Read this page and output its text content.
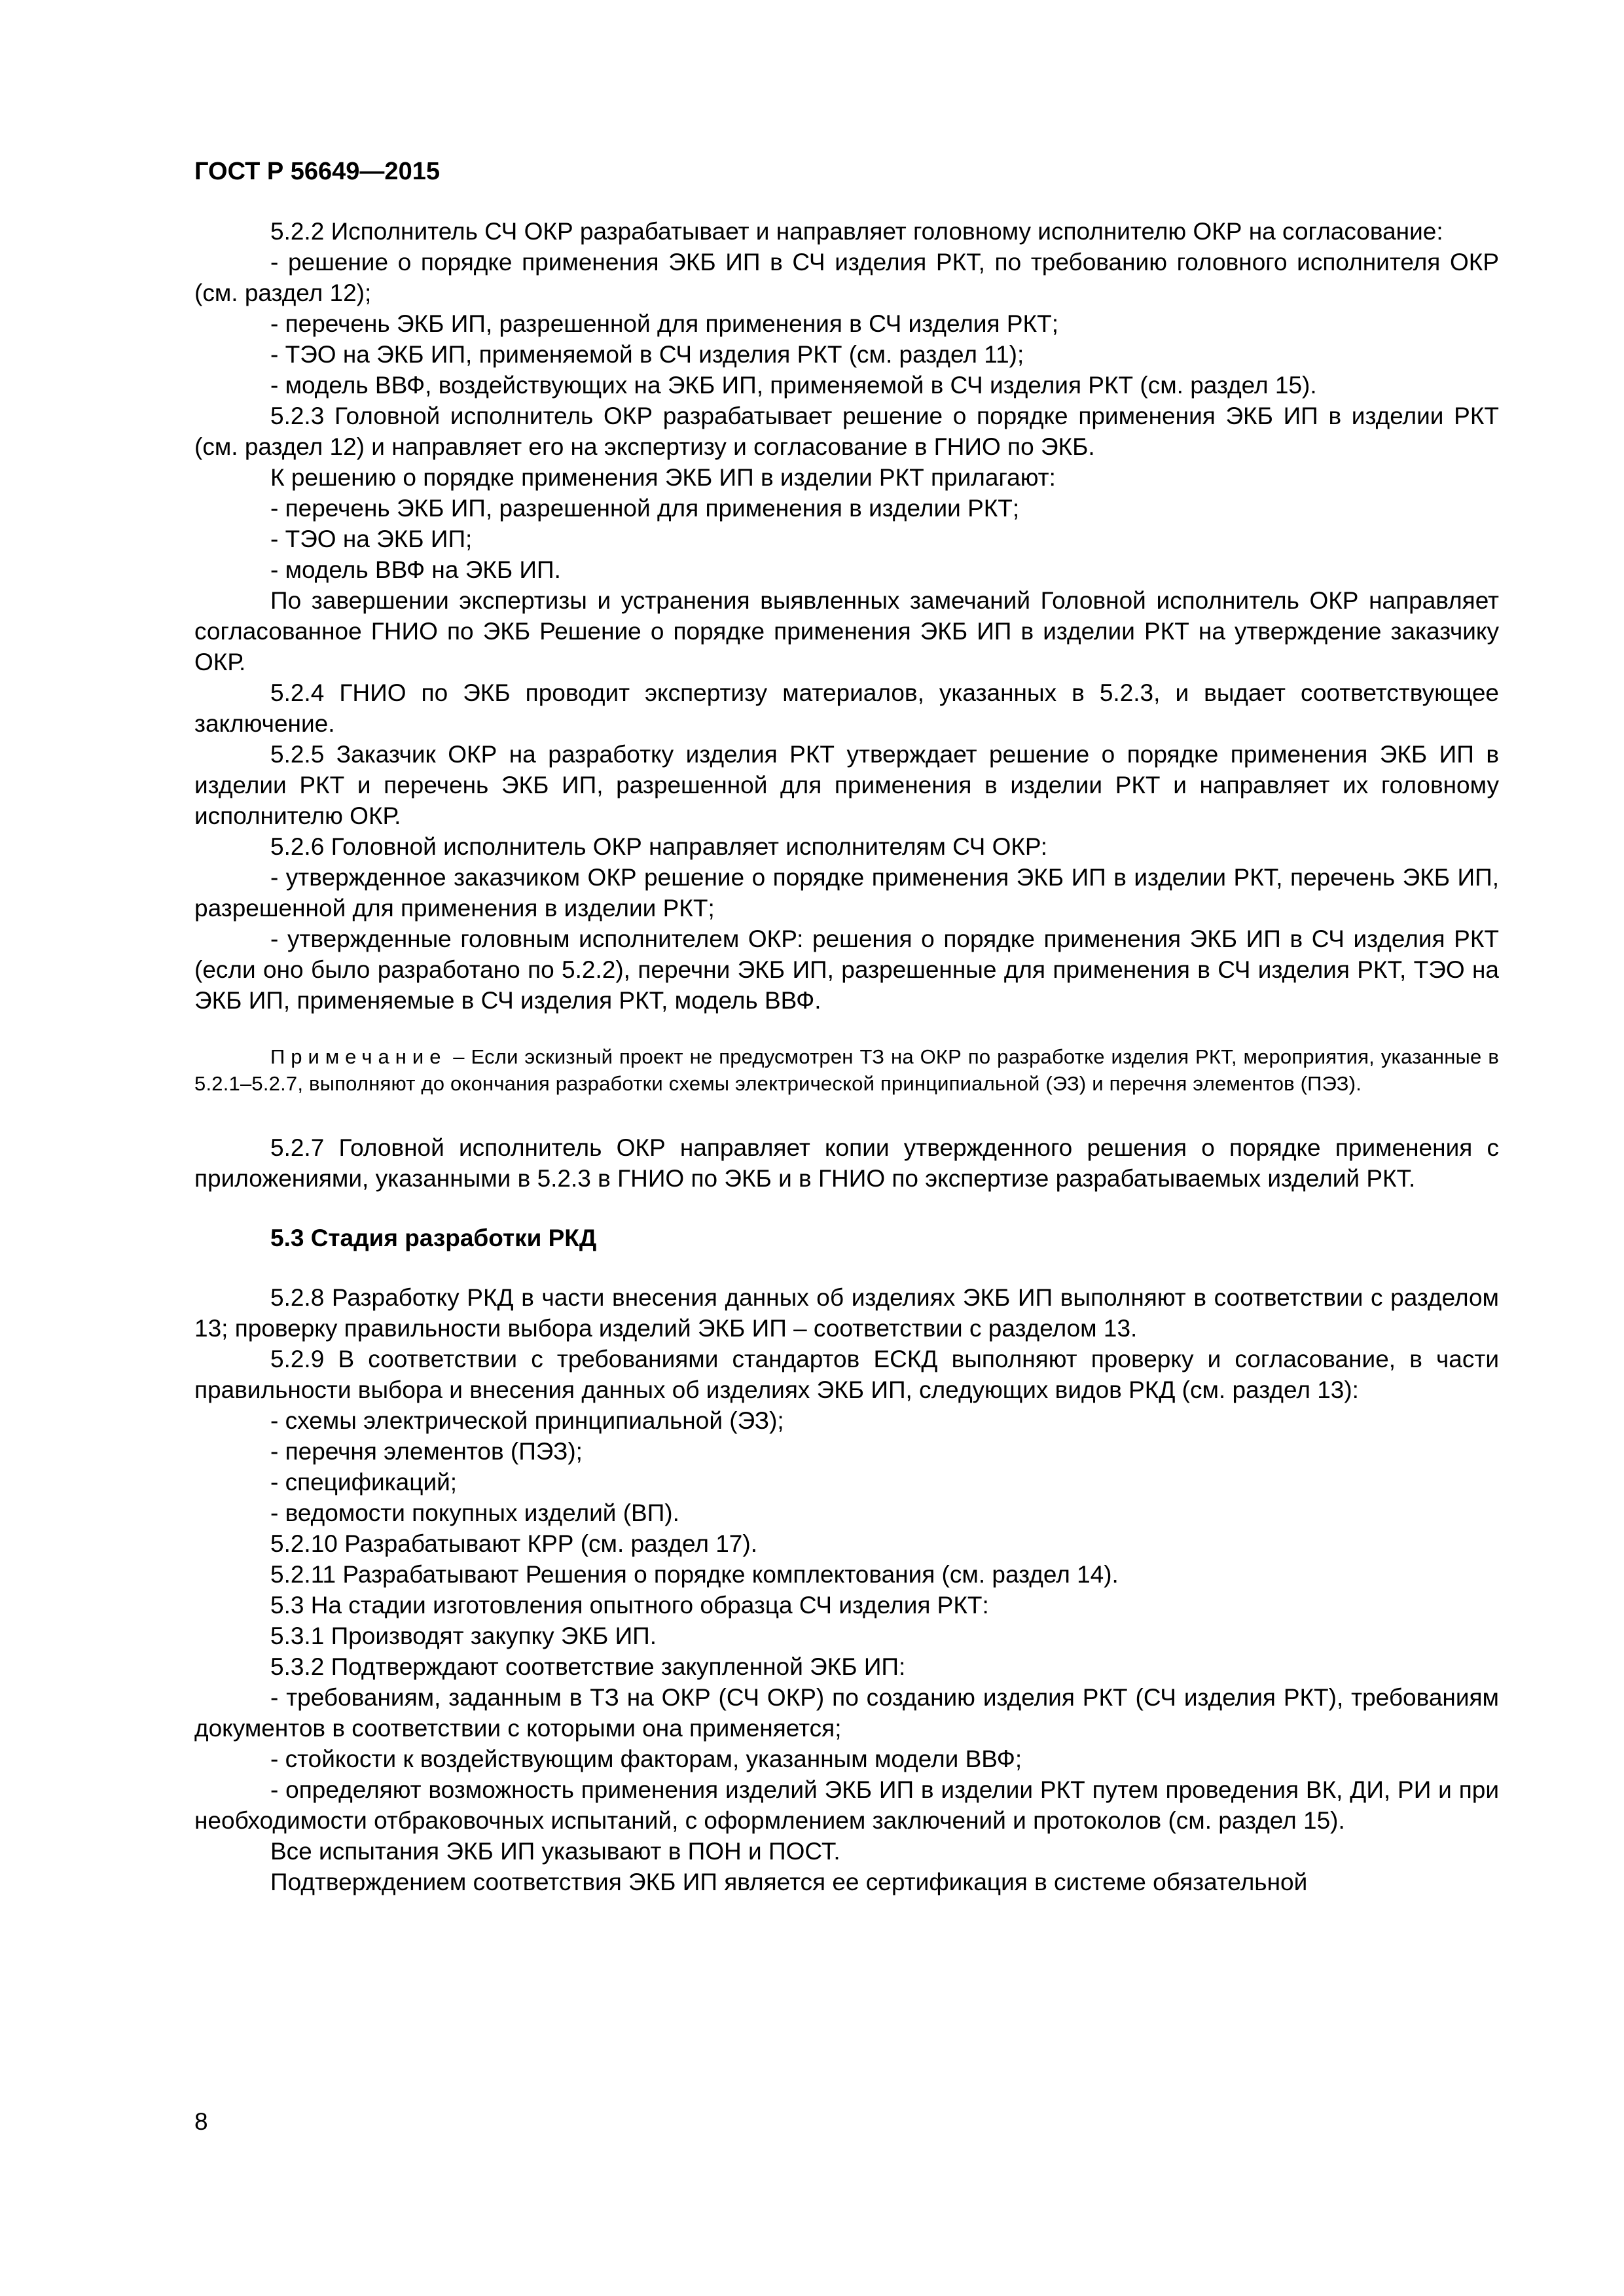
ГОСТ Р 56649—2015

5.2.2 Исполнитель СЧ ОКР разрабатывает и направляет головному исполнителю ОКР на согласование:

- решение о порядке применения ЭКБ ИП в СЧ изделия РКТ, по требованию головного исполнителя ОКР (см. раздел 12);

- перечень ЭКБ ИП, разрешенной для применения в СЧ изделия РКТ;

- ТЭО на ЭКБ ИП, применяемой в СЧ изделия РКТ (см. раздел 11);

- модель ВВФ, воздействующих на ЭКБ ИП, применяемой в СЧ изделия РКТ (см. раздел 15).

5.2.3 Головной исполнитель ОКР разрабатывает решение о порядке применения ЭКБ ИП в изделии РКТ (см. раздел 12) и направляет его на экспертизу и согласование в ГНИО по ЭКБ.

К решению о порядке применения ЭКБ ИП в изделии РКТ прилагают:

- перечень ЭКБ ИП, разрешенной для применения в изделии РКТ;

- ТЭО на ЭКБ ИП;

- модель ВВФ на ЭКБ ИП.

По завершении экспертизы и устранения выявленных замечаний Головной исполнитель ОКР направляет согласованное ГНИО по ЭКБ Решение о порядке применения ЭКБ ИП в изделии РКТ на утверждение заказчику ОКР.

5.2.4 ГНИО по ЭКБ проводит экспертизу материалов, указанных в 5.2.3, и выдает соответствующее заключение.

5.2.5 Заказчик ОКР на разработку изделия РКТ утверждает решение о порядке применения ЭКБ ИП в изделии РКТ и перечень ЭКБ ИП, разрешенной для применения в изделии РКТ и направляет их головному исполнителю ОКР.

5.2.6 Головной исполнитель ОКР направляет исполнителям СЧ ОКР:

- утвержденное заказчиком ОКР решение о порядке применения ЭКБ ИП в изделии РКТ, перечень ЭКБ ИП, разрешенной для применения в изделии РКТ;

- утвержденные головным исполнителем ОКР: решения о порядке применения ЭКБ ИП в СЧ изделия РКТ (если оно было разработано по 5.2.2), перечни ЭКБ ИП, разрешенные для применения в СЧ изделия РКТ, ТЭО на ЭКБ ИП, применяемые в СЧ изделия РКТ, модель ВВФ.

Примечание – Если эскизный проект не предусмотрен ТЗ на ОКР по разработке изделия РКТ, мероприятия, указанные в 5.2.1–5.2.7, выполняют до окончания разработки схемы электрической принципиальной (ЭЗ) и перечня элементов (ПЭЗ).

5.2.7 Головной исполнитель ОКР направляет копии утвержденного решения о порядке применения с приложениями, указанными в 5.2.3 в ГНИО по ЭКБ и в ГНИО по экспертизе разрабатываемых изделий РКТ.

5.3 Стадия разработки РКД

5.2.8 Разработку РКД в части внесения данных об изделиях ЭКБ ИП выполняют в соответствии с разделом 13; проверку правильности выбора изделий ЭКБ ИП – соответствии с разделом 13.

5.2.9 В соответствии с требованиями стандартов ЕСКД выполняют проверку и согласование, в части правильности выбора и внесения данных об изделиях ЭКБ ИП, следующих видов РКД (см. раздел 13):

- схемы электрической принципиальной (ЭЗ);

- перечня элементов (ПЭЗ);

- спецификаций;

- ведомости покупных изделий (ВП).

5.2.10 Разрабатывают КРР (см. раздел 17).

5.2.11 Разрабатывают Решения о порядке комплектования (см. раздел 14).

5.3 На стадии изготовления опытного образца СЧ изделия РКТ:

5.3.1 Производят закупку ЭКБ ИП.

5.3.2 Подтверждают соответствие закупленной ЭКБ ИП:

- требованиям, заданным в ТЗ на ОКР (СЧ ОКР) по созданию изделия РКТ (СЧ изделия РКТ), требованиям документов в соответствии с которыми она применяется;

- стойкости к воздействующим факторам, указанным модели ВВФ;

- определяют возможность применения изделий ЭКБ ИП в изделии РКТ путем проведения ВК, ДИ, РИ и при необходимости отбраковочных испытаний, с оформлением заключений и протоколов (см. раздел 15).

Все испытания ЭКБ ИП указывают в ПОН и ПОСТ.

Подтверждением соответствия ЭКБ ИП является ее сертификация в системе обязательной

8
